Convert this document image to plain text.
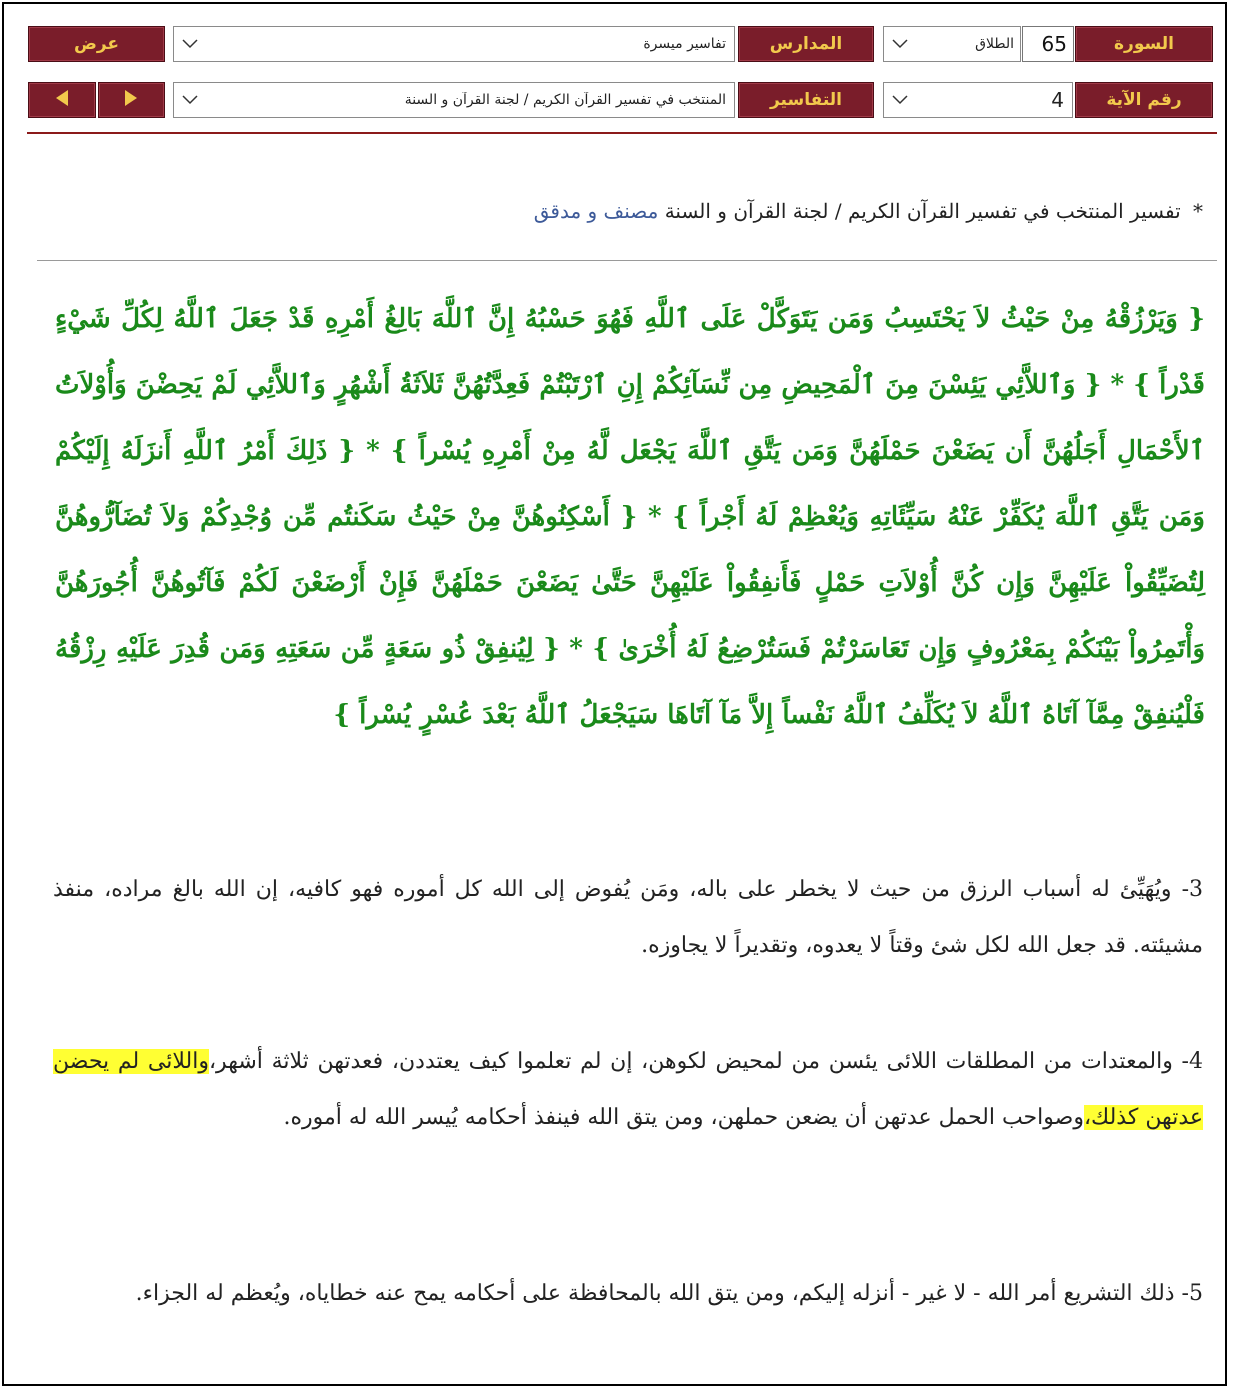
السورة
65
الطلاق
المدارس
تفاسير ميسرة
عرض
رقم الآية
4
التفاسير
المنتخب في تفسير القرآن الكريم / لجنة القرآن و السنة
* تفسير المنتخب في تفسير القرآن الكريم / لجنة القرآن و السنة مصنف و مدقق
{ وَيَرْزُقْهُ مِنْ حَيْثُ لاَ يَحْتَسِبُ وَمَن يَتَوَكَّلْ عَلَى ٱللَّهِ فَهُوَ حَسْبُهُ إِنَّ ٱللَّهَ بَالِغُ أَمْرِهِ قَدْ جَعَلَ ٱللَّهُ لِكُلِّ شَيْءٍ قَدْراً } * { وَٱللاَّئِي يَئِسْنَ مِنَ ٱلْمَحِيضِ مِن نِّسَآئِكُمْ إِنِ ٱرْتَبْتُمْ فَعِدَّتُهُنَّ ثَلاَثَةُ أَشْهُرٍ وَٱللاَّئِي لَمْ يَحِضْنَ وَأُوْلاَتُ ٱلأَحْمَالِ أَجَلُهُنَّ أَن يَضَعْنَ حَمْلَهُنَّ وَمَن يَتَّقِ ٱللَّهَ يَجْعَل لَّهُ مِنْ أَمْرِهِ يُسْراً } * { ذَلِكَ أَمْرُ ٱللَّهِ أَنزَلَهُ إِلَيْكُمْ وَمَن يَتَّقِ ٱللَّهَ يُكَفِّرْ عَنْهُ سَيِّئَاتِهِ وَيُعْظِمْ لَهُ أَجْراً } * { أَسْكِنُوهُنَّ مِنْ حَيْثُ سَكَنتُم مِّن وُجْدِكُمْ وَلاَ تُضَآرُّوهُنَّ لِتُضَيِّقُواْ عَلَيْهِنَّ وَإِن كُنَّ أُوْلاَتِ حَمْلٍ فَأَنفِقُواْ عَلَيْهِنَّ حَتَّىٰ يَضَعْنَ حَمْلَهُنَّ فَإِنْ أَرْضَعْنَ لَكُمْ فَآتُوهُنَّ أُجُورَهُنَّ وَأْتَمِرُواْ بَيْنَكُمْ بِمَعْرُوفٍ وَإِن تَعَاسَرْتُمْ فَسَتُرْضِعُ لَهُ أُخْرَىٰ } * { لِيُنفِقْ ذُو سَعَةٍ مِّن سَعَتِهِ وَمَن قُدِرَ عَلَيْهِ رِزْقُهُ فَلْيُنفِقْ مِمَّآ آتَاهُ ٱللَّهُ لاَ يُكَلِّفُ ٱللَّهُ نَفْساً إِلاَّ مَآ آتَاهَا سَيَجْعَلُ ٱللَّهُ بَعْدَ عُسْرٍ يُسْراً }
3- ويُهَيِّئ له أسباب الرزق من حيث لا يخطر على باله، ومَن يُفوض إلى الله كل أموره فهو كافيه، إن الله بالغ مراده، منفذ مشيئته. قد جعل الله لكل شئ وقتاً لا يعدوه، وتقديراً لا يجاوزه.
4- والمعتدات من المطلقات اللائى يئسن من لمحيض لكوهن، إن لم تعلموا كيف يعتددن، فعدتهن ثلاثة أشهر،واللائى لم يحضن عدتهن كذلك،وصواحب الحمل عدتهن أن يضعن حملهن، ومن يتق الله فينفذ أحكامه يُيسر الله له أموره.
5- ذلك التشريع أمر الله - لا غير - أنزله إليكم، ومن يتق الله بالمحافظة على أحكامه يمح عنه خطاياه، ويُعظم له الجزاء.
